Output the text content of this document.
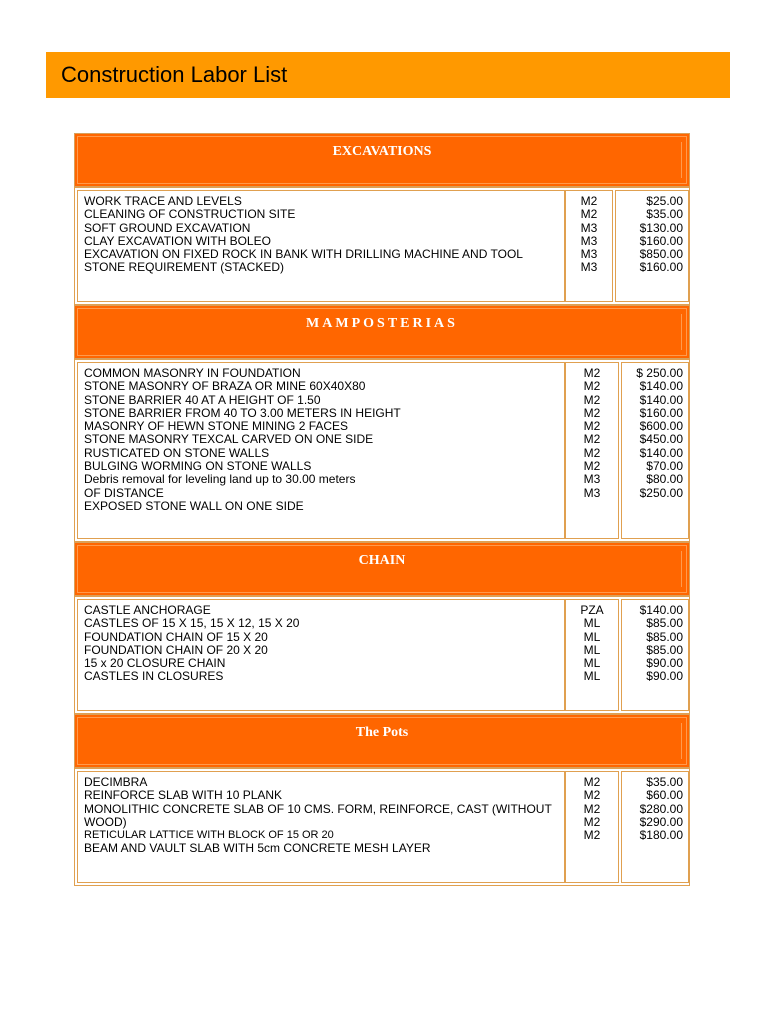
Construction Labor List
EXCAVATIONS
WORK TRACE AND LEVELS
CLEANING OF CONSTRUCTION SITE
SOFT GROUND EXCAVATION
CLAY EXCAVATION WITH BOLEO
EXCAVATION ON FIXED ROCK IN BANK WITH DRILLING MACHINE AND TOOL
STONE REQUIREMENT (STACKED)
M2
M2
M3
M3
M3
M3
$25.00
$35.00
$130.00
$160.00
$850.00
$160.00
MAMPOSTERIAS
COMMON MASONRY IN FOUNDATION
STONE MASONRY OF BRAZA OR MINE 60X40X80
STONE BARRIER 40 AT A HEIGHT OF 1.50
STONE BARRIER FROM 40 TO 3.00 METERS IN HEIGHT
MASONRY OF HEWN STONE MINING 2 FACES
STONE MASONRY TEXCAL CARVED ON ONE SIDE
RUSTICATED ON STONE WALLS
BULGING WORMING ON STONE WALLS
Debris removal for leveling land up to 30.00 meters
OF DISTANCE
EXPOSED STONE WALL ON ONE SIDE
M2
M2
M2
M2
M2
M2
M2
M2
M3
M3
$ 250.00
$140.00
$140.00
$160.00
$600.00
$450.00
$140.00
$70.00
$80.00
$250.00
CHAIN
CASTLE ANCHORAGE
CASTLES OF 15 X 15, 15 X 12, 15 X 20
FOUNDATION CHAIN OF 15 X 20
FOUNDATION CHAIN OF 20 X 20
15 x 20 CLOSURE CHAIN
CASTLES IN CLOSURES
PZA
ML
ML
ML
ML
ML
$140.00
$85.00
$85.00
$85.00
$90.00
$90.00
The Pots
DECIMBRA
REINFORCE SLAB WITH 10 PLANK
MONOLITHIC CONCRETE SLAB OF 10 CMS. FORM, REINFORCE, CAST (WITHOUT WOOD)
RETICULAR LATTICE WITH BLOCK OF 15 OR 20
BEAM AND VAULT SLAB WITH 5cm CONCRETE MESH LAYER
M2
M2
M2
M2
M2
$35.00
$60.00
$280.00
$290.00
$180.00
